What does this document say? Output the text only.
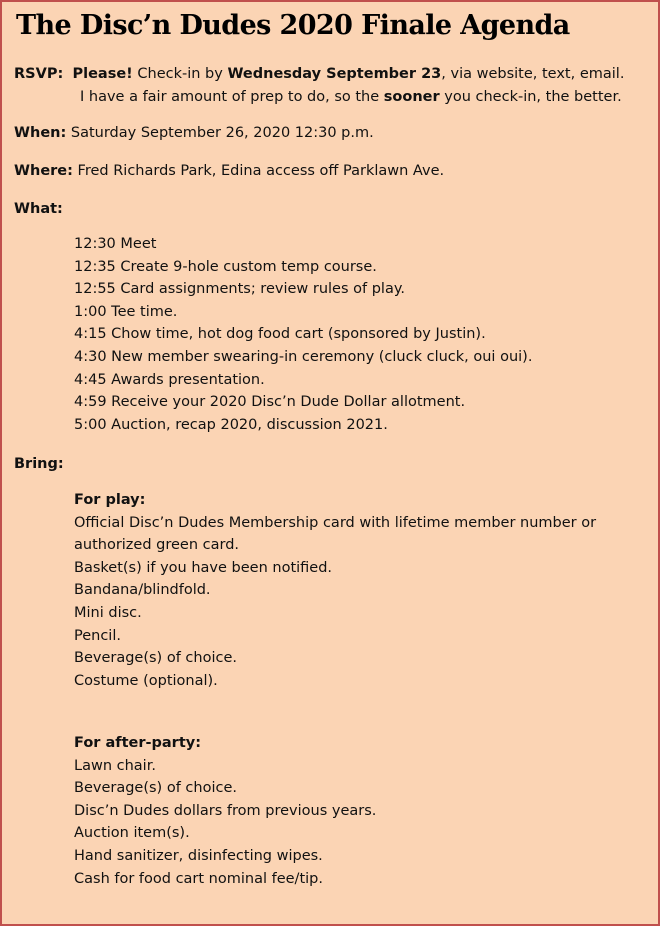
The Disc’n Dudes 2020 Finale Agenda
RSVP: Please! Check-in by Wednesday September 23, via website, text, email.
I have a fair amount of prep to do, so the sooner you check-in, the better.
When: Saturday September 26, 2020 12:30 p.m.
Where: Fred Richards Park, Edina access off Parklawn Ave.
What:
12:30 Meet
12:35 Create 9-hole custom temp course.
12:55 Card assignments; review rules of play.
1:00 Tee time.
4:15 Chow time, hot dog food cart (sponsored by Justin).
4:30 New member swearing-in ceremony (cluck cluck, oui oui).
4:45 Awards presentation.
4:59 Receive your 2020 Disc’n Dude Dollar allotment.
5:00 Auction, recap 2020, discussion 2021.
Bring:
For play:
Official Disc’n Dudes Membership card with lifetime member number or
authorized green card.
Basket(s) if you have been notified.
Bandana/blindfold.
Mini disc.
Pencil.
Beverage(s) of choice.
Costume (optional).
For after-party:
Lawn chair.
Beverage(s) of choice.
Disc’n Dudes dollars from previous years.
Auction item(s).
Hand sanitizer, disinfecting wipes.
Cash for food cart nominal fee/tip.
